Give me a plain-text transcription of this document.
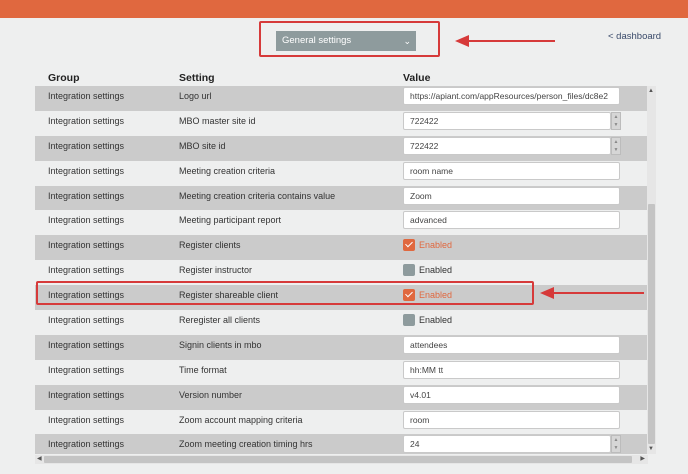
General settings	⌄	< dashboard
Group	Setting	Value
Integration settings	Logo url	https://apiant.com/appResources/person_files/dc8e2
Integration settings	MBO master site id	722422	▲
▼
Integration settings	MBO site id	722422	▲
▼
Integration settings	Meeting creation criteria	room name
Integration settings	Meeting creation criteria contains value	Zoom
Integration settings	Meeting participant report	advanced
Integration settings	Register clients	Enabled
Integration settings	Register instructor	Enabled
Integration settings	Register shareable client	Enabled
Integration settings	Reregister all clients	Enabled
Integration settings	Signin clients in mbo	attendees
Integration settings	Time format	hh:MM tt
Integration settings	Version number	v4.01
Integration settings	Zoom account mapping criteria	room
Integration settings	Zoom meeting creation timing hrs	24	▲
▼
▲
▼
◀	▶
